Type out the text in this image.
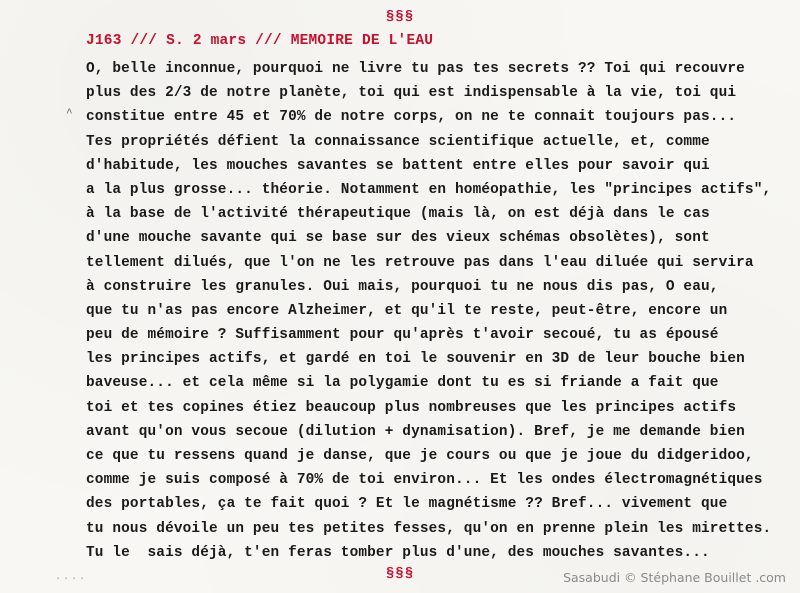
§§§
J163 /// S. 2 mars /// MEMOIRE DE L'EAU
^
O, belle inconnue, pourquoi ne livre tu pas tes secrets ?? Toi qui recouvre
plus des 2/3 de notre planète, toi qui est indispensable à la vie, toi qui
constitue entre 45 et 70% de notre corps, on ne te connait toujours pas...
Tes propriétés défient la connaissance scientifique actuelle, et, comme
d'habitude, les mouches savantes se battent entre elles pour savoir qui
a la plus grosse... théorie. Notamment en homéopathie, les "principes actifs",
à la base de l'activité thérapeutique (mais là, on est déjà dans le cas
d'une mouche savante qui se base sur des vieux schémas obsolètes), sont
tellement dilués, que l'on ne les retrouve pas dans l'eau diluée qui servira
à construire les granules. Oui mais, pourquoi tu ne nous dis pas, O eau,
que tu n'as pas encore Alzheimer, et qu'il te reste, peut-être, encore un
peu de mémoire ? Suffisamment pour qu'après t'avoir secoué, tu as épousé
les principes actifs, et gardé en toi le souvenir en 3D de leur bouche bien
baveuse... et cela même si la polygamie dont tu es si friande a fait que
toi et tes copines étiez beaucoup plus nombreuses que les principes actifs
avant qu'on vous secoue (dilution + dynamisation). Bref, je me demande bien
ce que tu ressens quand je danse, que je cours ou que je joue du didgeridoo,
comme je suis composé à 70% de toi environ... Et les ondes électromagnétiques
des portables, ça te fait quoi ? Et le magnétisme ?? Bref... vivement que
tu nous dévoile un peu tes petites fesses, qu'on en prenne plein les mirettes.
Tu le  sais déjà, t'en feras tomber plus d'une, des mouches savantes...
....	§§§	Sasabudi © Stéphane Bouillet .com
